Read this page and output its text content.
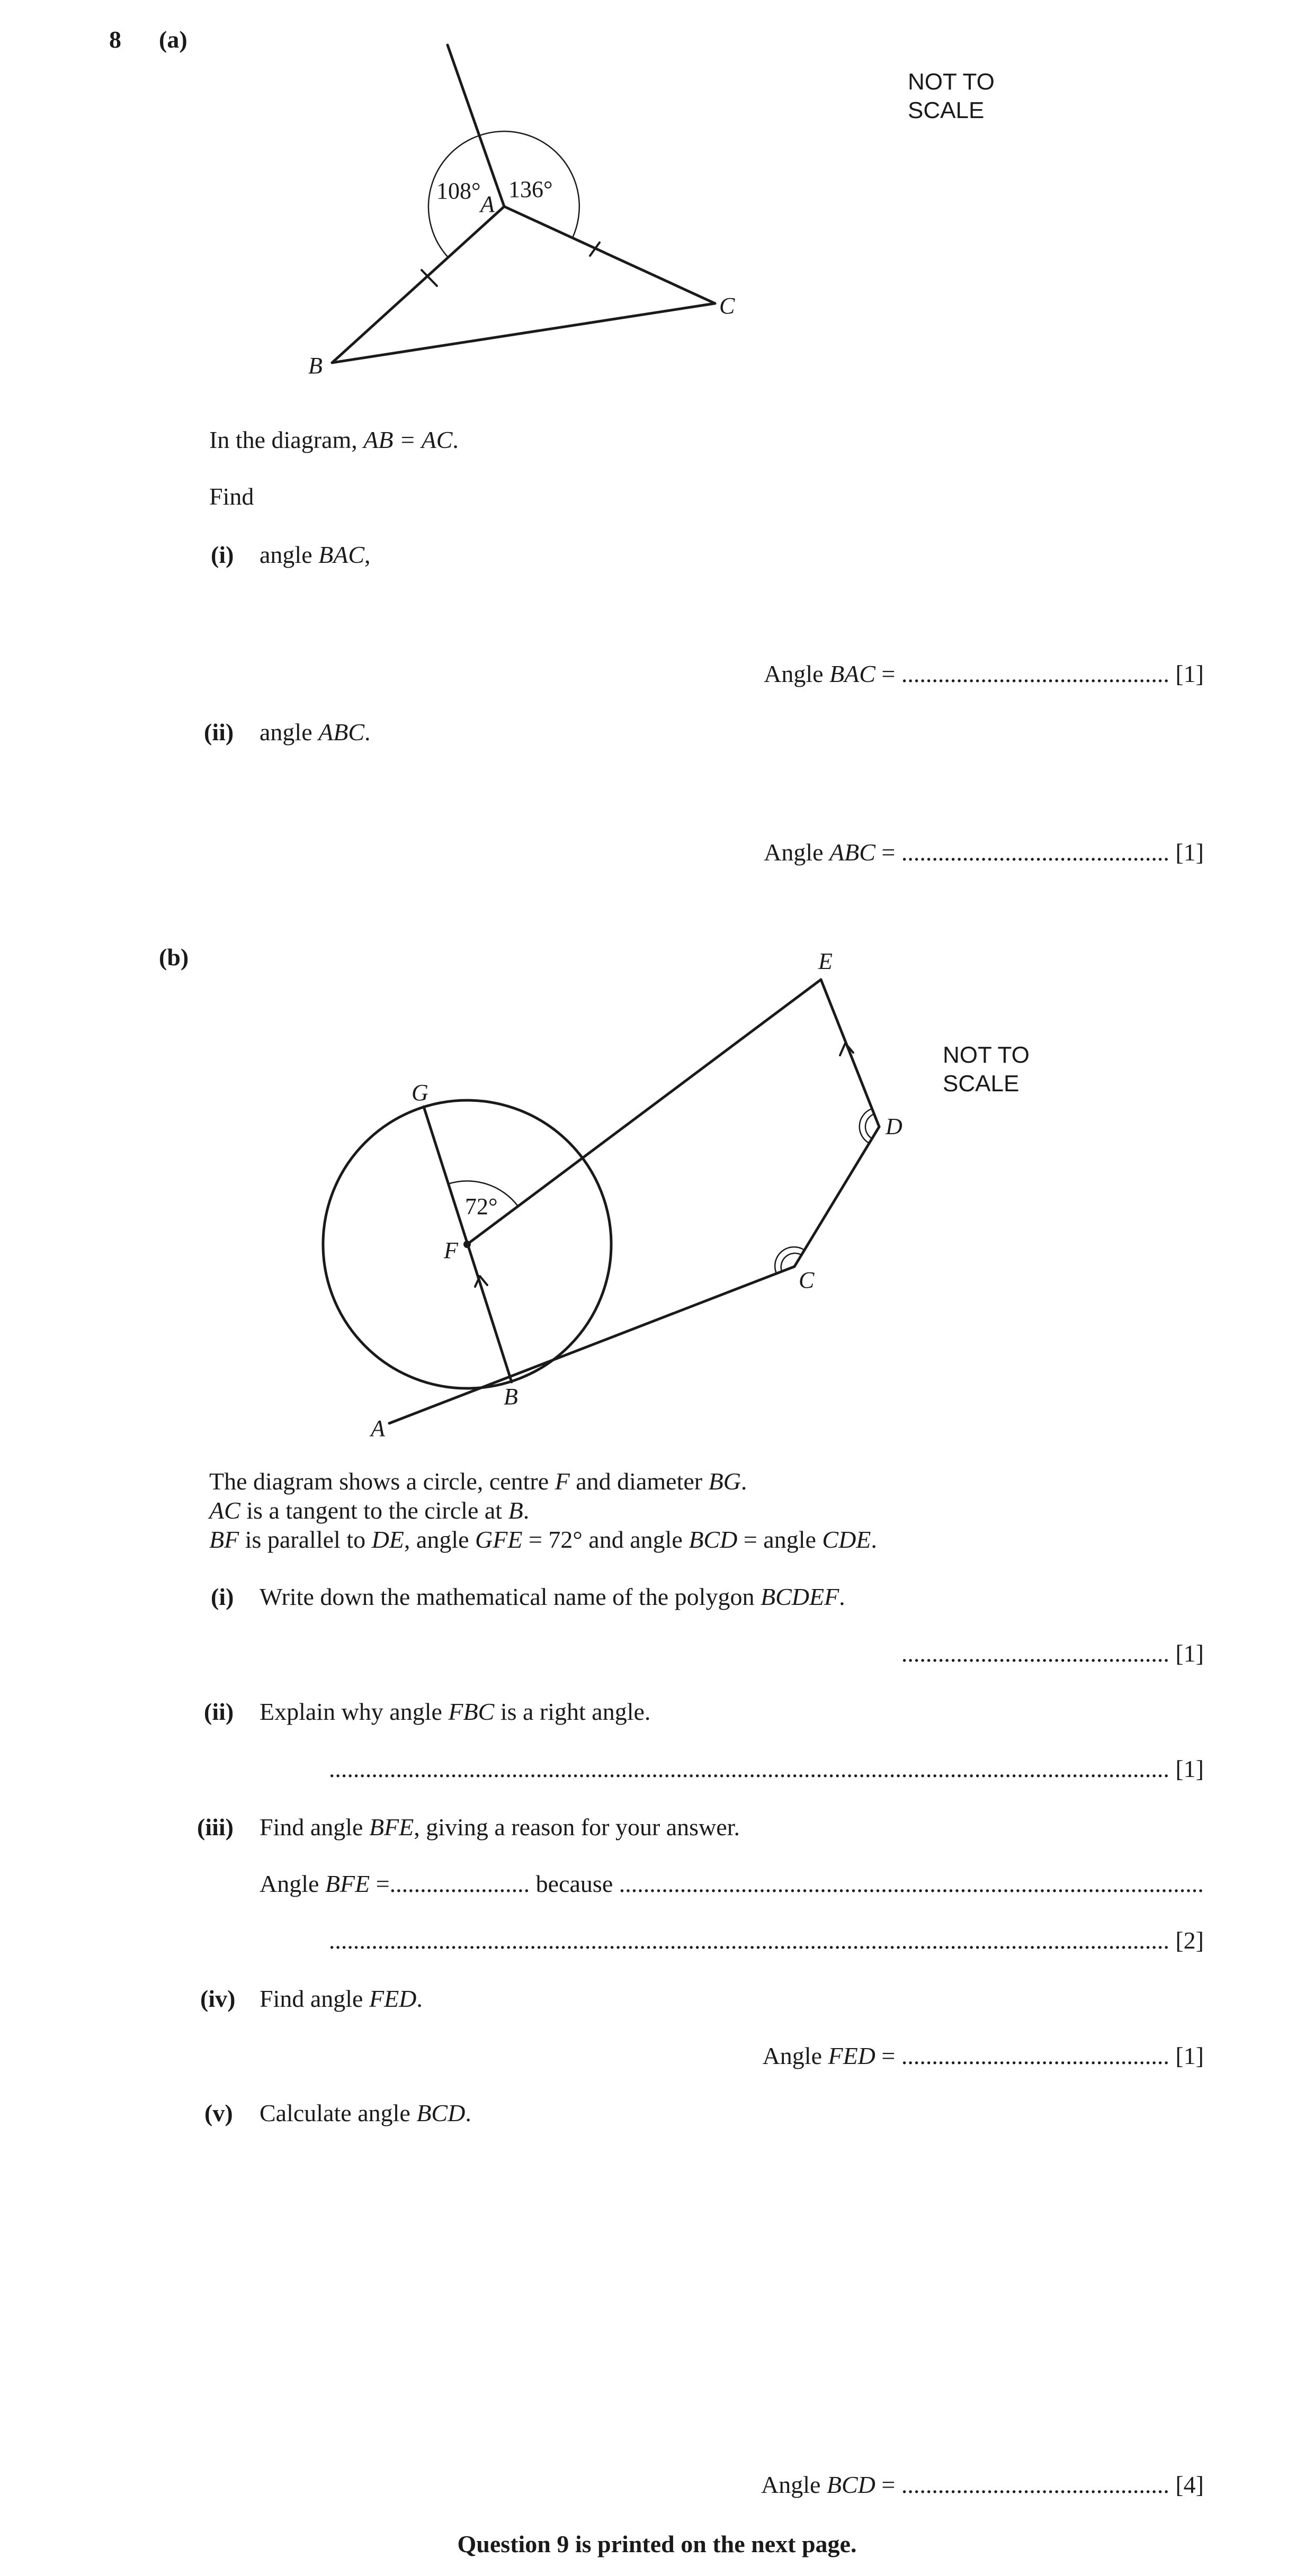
8 (a)
NOT TO
SCALE
108° 136°
A
B
C
In the diagram, AB = AC.
Find
(i) angle BAC,
Angle BAC = ............................................ [1]
(ii) angle ABC.
Angle ABC = ............................................ [1]
(b)
NOT TO
SCALE
72°
A
B
C
D
E
F
G
The diagram shows a circle, centre F and diameter BG.
AC is a tangent to the circle at B.
BF is parallel to DE, angle GFE = 72° and angle BCD = angle CDE.
(i) Write down the mathematical name of the polygon BCDEF.
............................................ [1]
(ii) Explain why angle FBC is a right angle.
.......................................................................................................................................... [1]
(iii) Find angle BFE, giving a reason for your answer.
Angle BFE =....................... because ................................................................................................
.......................................................................................................................................... [2]
(iv) Find angle FED.
Angle FED = ............................................ [1]
(v) Calculate angle BCD.
Angle BCD = ............................................ [4]
Question 9 is printed on the next page.
